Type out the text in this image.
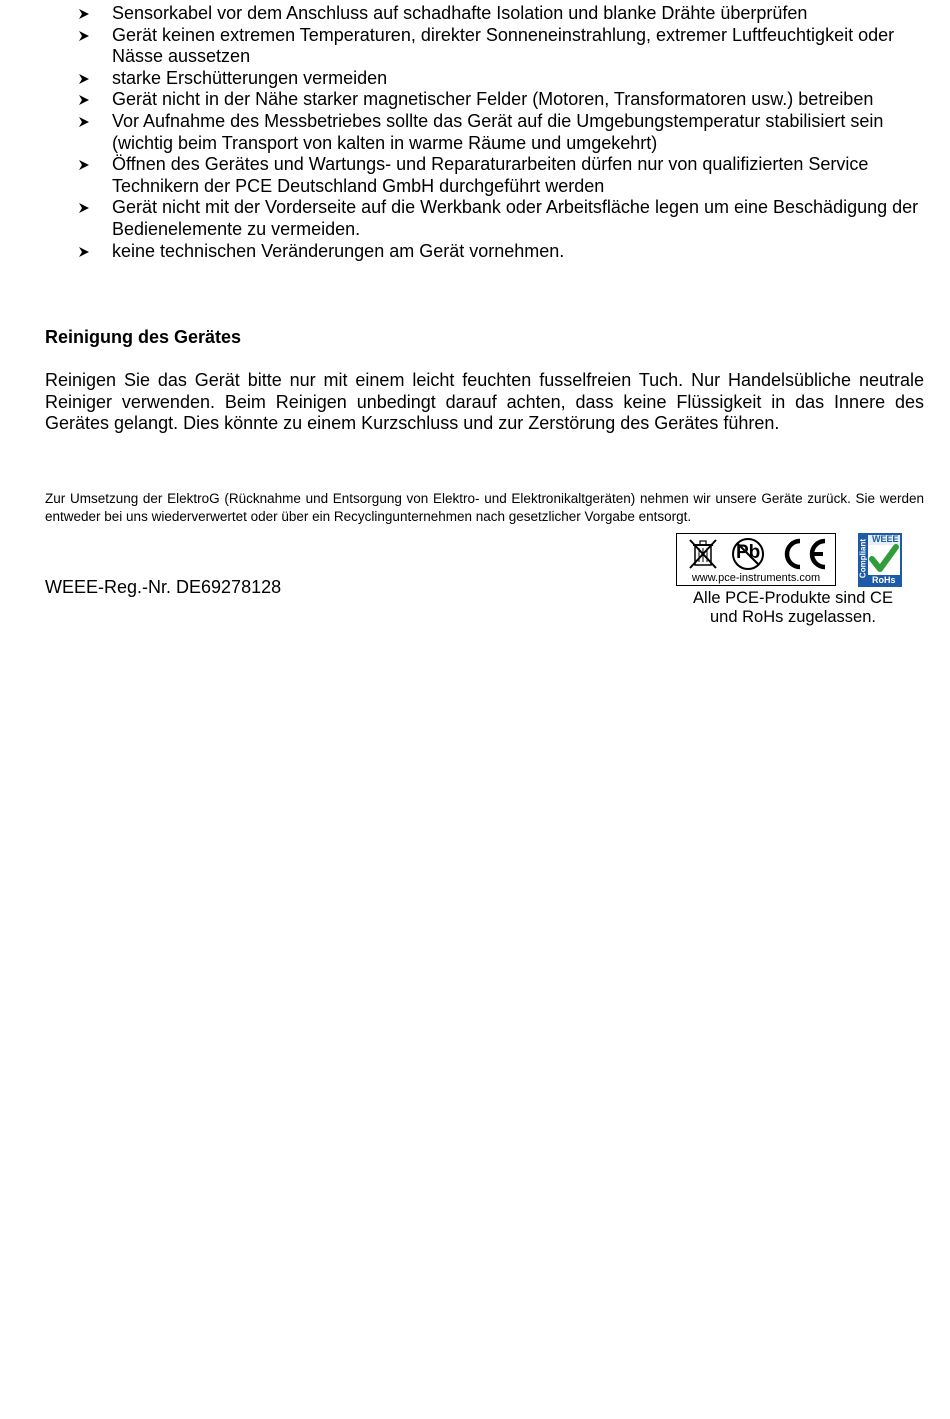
Sensorkabel vor dem Anschluss auf schadhafte Isolation und blanke Drähte überprüfen
Gerät keinen extremen Temperaturen, direkter Sonneneinstrahlung, extremer Luftfeuchtigkeit oder Nässe aussetzen
starke Erschütterungen vermeiden
Gerät nicht in der Nähe starker magnetischer Felder (Motoren, Transformatoren usw.) betreiben
Vor Aufnahme des Messbetriebes sollte das Gerät auf die Umgebungstemperatur stabilisiert sein (wichtig beim Transport von kalten in warme Räume und umgekehrt)
Öffnen des Gerätes und Wartungs- und Reparaturarbeiten dürfen nur von qualifizierten Service Technikern der PCE Deutschland GmbH durchgeführt werden
Gerät nicht mit der Vorderseite auf die Werkbank oder Arbeitsfläche legen um eine Beschädigung der Bedienelemente zu vermeiden.
keine technischen Veränderungen am Gerät vornehmen.
Reinigung des Gerätes

Reinigen Sie das Gerät bitte nur mit einem leicht feuchten fusselfreien Tuch. Nur Handelsübliche neutrale Reiniger verwenden. Beim Reinigen unbedingt darauf achten, dass keine Flüssigkeit in das Innere des Gerätes gelangt. Dies könnte zu einem Kurzschluss und zur Zerstörung des Gerätes führen.

Zur Umsetzung der ElektroG (Rücknahme und Entsorgung von Elektro- und Elektronikaltgeräten) nehmen wir unsere Geräte zurück. Sie werden entweder bei uns wiederverwertet oder über ein Recyclingunternehmen nach gesetzlicher Vorgabe entsorgt.

WEEE-Reg.-Nr. DE69278128

Pb
www.pce-instruments.com
WEEE
Compliant
RoHs
Alle PCE-Produkte sind CE
und RoHs zugelassen.
